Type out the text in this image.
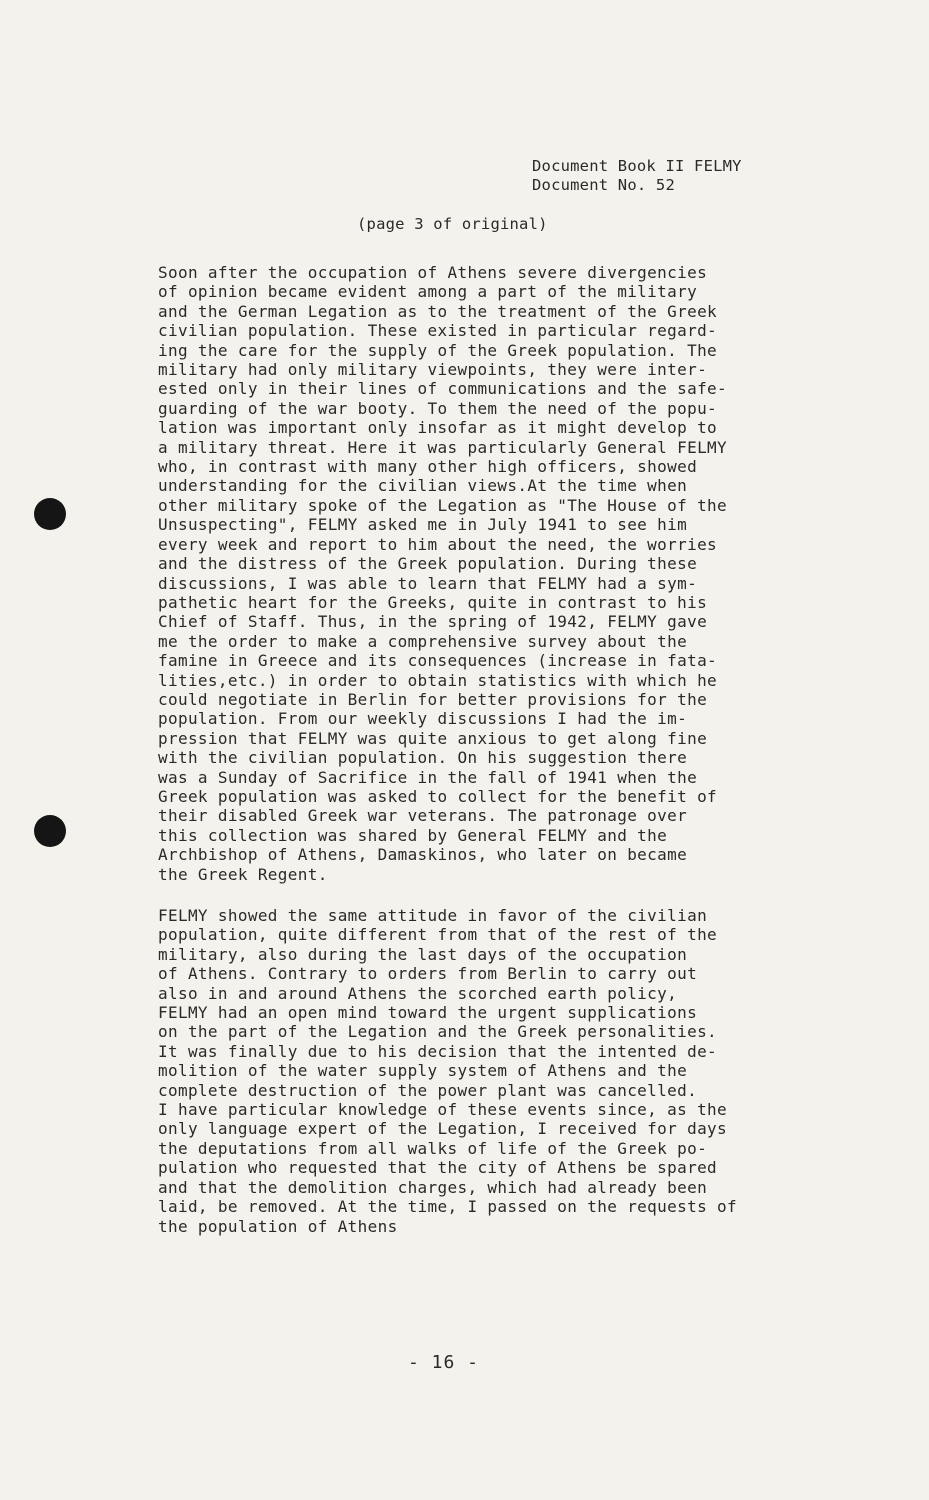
Document Book II FELMY
Document No. 52
(page 3 of original)
Soon after the occupation of Athens severe divergencies
of opinion became evident among a part of the military
and the German Legation as to the treatment of the Greek
civilian population. These existed in particular regard-
ing the care for the supply of the Greek population. The
military had only military viewpoints, they were inter-
ested only in their lines of communications and the safe-
guarding of the war booty. To them the need of the popu-
lation was important only insofar as it might develop to
a military threat. Here it was particularly General FELMY
who, in contrast with many other high officers, showed
understanding for the civilian views.At the time when
other military spoke of the Legation as "The House of the
Unsuspecting", FELMY asked me in July 1941 to see him
every week and report to him about the need, the worries
and the distress of the Greek population. During these
discussions, I was able to learn that FELMY had a sym-
pathetic heart for the Greeks, quite in contrast to his
Chief of Staff. Thus, in the spring of 1942, FELMY gave
me the order to make a comprehensive survey about the
famine in Greece and its consequences (increase in fata-
lities,etc.) in order to obtain statistics with which he
could negotiate in Berlin for better provisions for the
population. From our weekly discussions I had the im-
pression that FELMY was quite anxious to get along fine
with the civilian population. On his suggestion there
was a Sunday of Sacrifice in the fall of 1941 when the
Greek population was asked to collect for the benefit of
their disabled Greek war veterans. The patronage over
this collection was shared by General FELMY and the
Archbishop of Athens, Damaskinos, who later on became
the Greek Regent.
FELMY showed the same attitude in favor of the civilian
population, quite different from that of the rest of the
military, also during the last days of the occupation
of Athens. Contrary to orders from Berlin to carry out
also in and around Athens the scorched earth policy,
FELMY had an open mind toward the urgent supplications
on the part of the Legation and the Greek personalities.
It was finally due to his decision that the intented de-
molition of the water supply system of Athens and the
complete destruction of the power plant was cancelled.
I have particular knowledge of these events since, as the
only language expert of the Legation, I received for days
the deputations from all walks of life of the Greek po-
pulation who requested that the city of Athens be spared
and that the demolition charges, which had already been
laid, be removed. At the time, I passed on the requests of
the population of Athens
- 16 -
